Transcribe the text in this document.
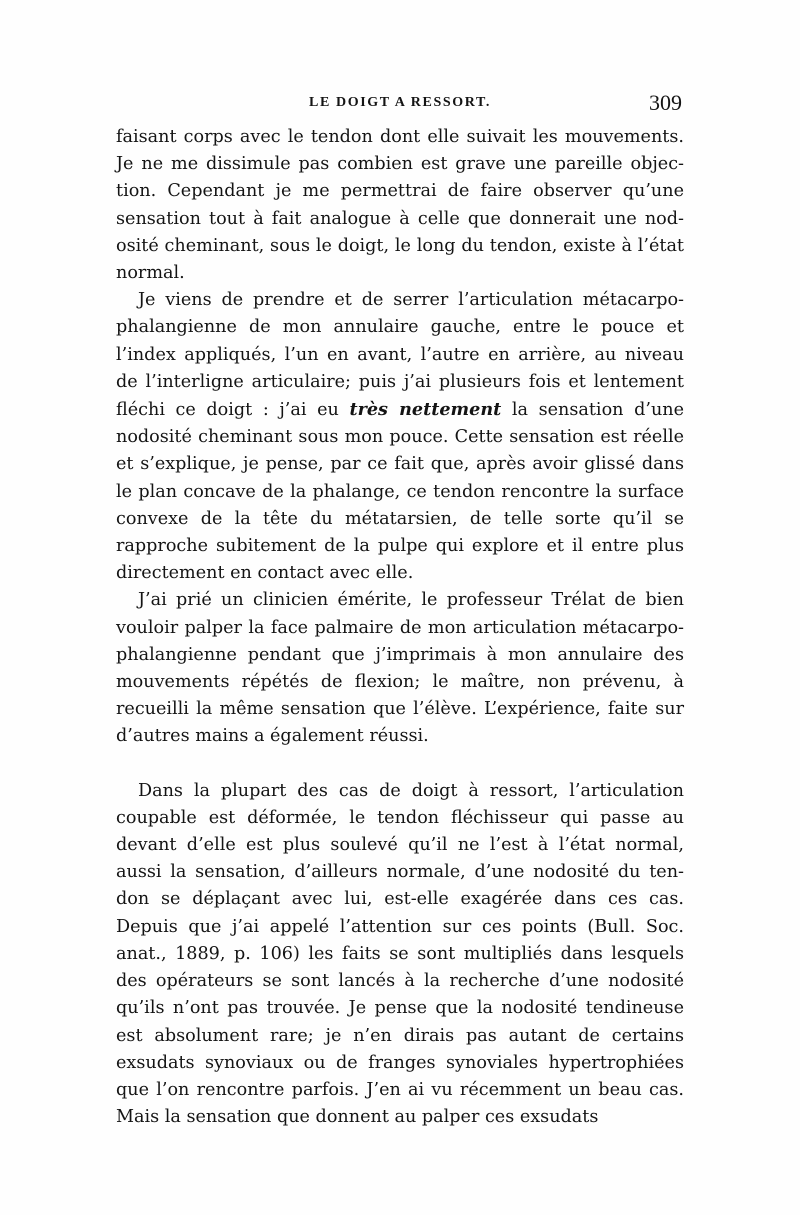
LE DOIGT A RESSORT.	309

faisant corps avec le tendon dont elle suivait les mouvements. Je ne me dissimule pas combien est grave une pareille objection. Cependant je me permettrai de faire observer qu’une sensation tout à fait analogue à celle que donnerait une nodosité cheminant, sous le doigt, le long du tendon, existe à l’état normal.

Je viens de prendre et de serrer l’articulation métacarpo-phalangienne de mon annulaire gauche, entre le pouce et l’index appliqués, l’un en avant, l’autre en arrière, au niveau de l’interligne articulaire; puis j’ai plusieurs fois et lentement fléchi ce doigt : j’ai eu très nettement la sensation d’une nodosité cheminant sous mon pouce. Cette sensation est réelle et s’explique, je pense, par ce fait que, après avoir glissé dans le plan concave de la phalange, ce tendon rencontre la surface convexe de la tête du métatarsien, de telle sorte qu’il se rapproche subitement de la pulpe qui explore et il entre plus directement en contact avec elle.

J’ai prié un clinicien émérite, le professeur Trélat de bien vouloir palper la face palmaire de mon articulation métacarpo-phalangienne pendant que j’imprimais à mon annulaire des mouvements répétés de flexion; le maître, non prévenu, à recueilli la même sensation que l’élève. L’expérience, faite sur d’autres mains a également réussi.

Dans la plupart des cas de doigt à ressort, l’articulation coupable est déformée, le tendon fléchisseur qui passe au devant d’elle est plus soulevé qu’il ne l’est à l’état normal, aussi la sensation, d’ailleurs normale, d’une nodosité du tendon se déplaçant avec lui, est-elle exagérée dans ces cas. Depuis que j’ai appelé l’attention sur ces points (Bull. Soc. anat., 1889, p. 106) les faits se sont multipliés dans lesquels des opérateurs se sont lancés à la recherche d’une nodosité qu’ils n’ont pas trouvée. Je pense que la nodosité tendineuse est absolument rare; je n’en dirais pas autant de certains exsudats synoviaux ou de franges synoviales hypertrophiées que l’on rencontre parfois. J’en ai vu récemment un beau cas. Mais la sensation que donnent au palper ces exsudats
